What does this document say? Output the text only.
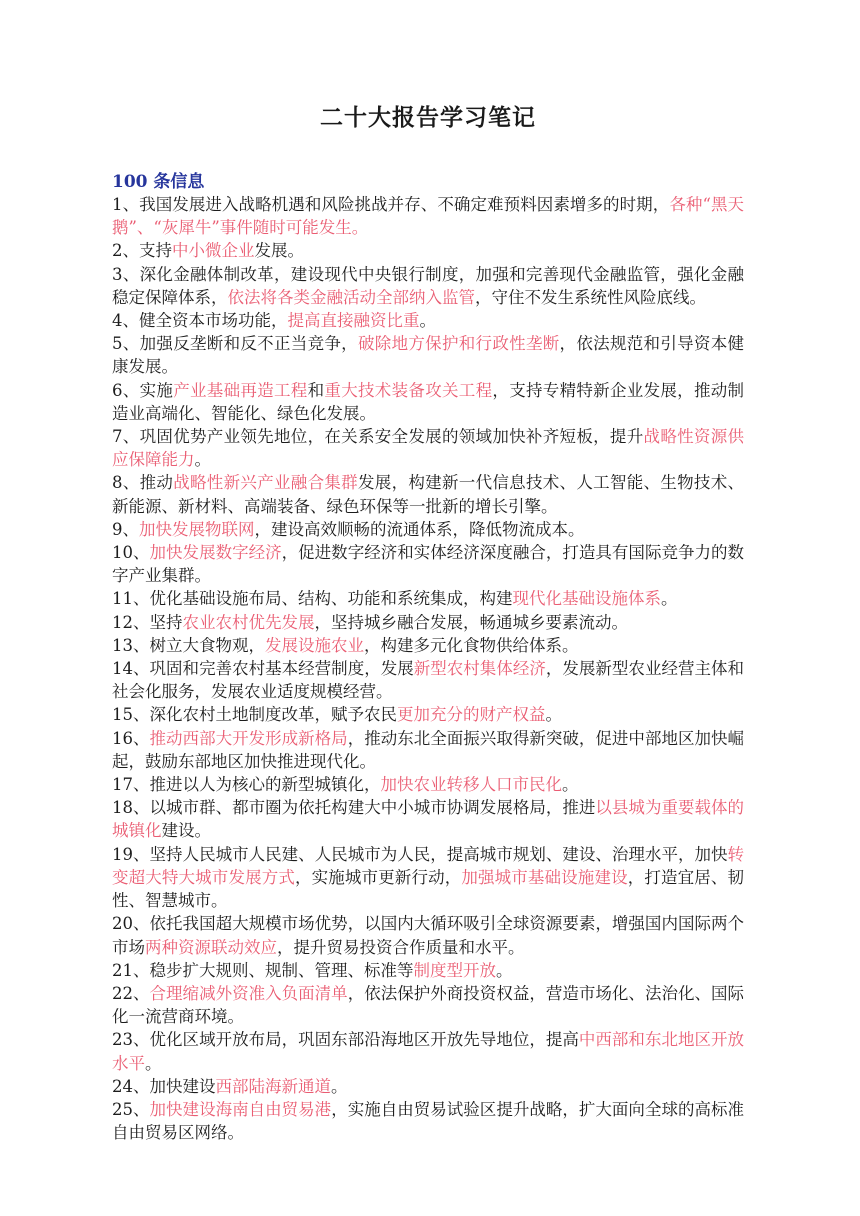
二十大报告学习笔记
100 条信息

1、我国发展进入战略机遇和风险挑战并存、不确定难预料因素增多的时期，各种“黑天鹅”、“灰犀牛”事件随时可能发生。

2、支持中小微企业发展。

3、深化金融体制改革，建设现代中央银行制度，加强和完善现代金融监管，强化金融稳定保障体系，依法将各类金融活动全部纳入监管，守住不发生系统性风险底线。

4、健全资本市场功能，提高直接融资比重。

5、加强反垄断和反不正当竞争，破除地方保护和行政性垄断，依法规范和引导资本健康发展。

6、实施产业基础再造工程和重大技术装备攻关工程，支持专精特新企业发展，推动制造业高端化、智能化、绿色化发展。

7、巩固优势产业领先地位，在关系安全发展的领域加快补齐短板，提升战略性资源供应保障能力。

8、推动战略性新兴产业融合集群发展，构建新一代信息技术、人工智能、生物技术、新能源、新材料、高端装备、绿色环保等一批新的增长引擎。

9、加快发展物联网，建设高效顺畅的流通体系，降低物流成本。

10、加快发展数字经济，促进数字经济和实体经济深度融合，打造具有国际竞争力的数字产业集群。

11、优化基础设施布局、结构、功能和系统集成，构建现代化基础设施体系。

12、坚持农业农村优先发展，坚持城乡融合发展，畅通城乡要素流动。

13、树立大食物观，发展设施农业，构建多元化食物供给体系。

14、巩固和完善农村基本经营制度，发展新型农村集体经济，发展新型农业经营主体和社会化服务，发展农业适度规模经营。

15、深化农村土地制度改革，赋予农民更加充分的财产权益。

16、推动西部大开发形成新格局，推动东北全面振兴取得新突破，促进中部地区加快崛起，鼓励东部地区加快推进现代化。

17、推进以人为核心的新型城镇化，加快农业转移人口市民化。

18、以城市群、都市圈为依托构建大中小城市协调发展格局，推进以县城为重要载体的城镇化建设。

19、坚持人民城市人民建、人民城市为人民，提高城市规划、建设、治理水平，加快转变超大特大城市发展方式，实施城市更新行动，加强城市基础设施建设，打造宜居、韧性、智慧城市。

20、依托我国超大规模市场优势，以国内大循环吸引全球资源要素，增强国内国际两个市场两种资源联动效应，提升贸易投资合作质量和水平。

21、稳步扩大规则、规制、管理、标准等制度型开放。

22、合理缩减外资准入负面清单，依法保护外商投资权益，营造市场化、法治化、国际化一流营商环境。

23、优化区域开放布局，巩固东部沿海地区开放先导地位，提高中西部和东北地区开放水平。

24、加快建设西部陆海新通道。

25、加快建设海南自由贸易港，实施自由贸易试验区提升战略，扩大面向全球的高标准自由贸易区网络。
